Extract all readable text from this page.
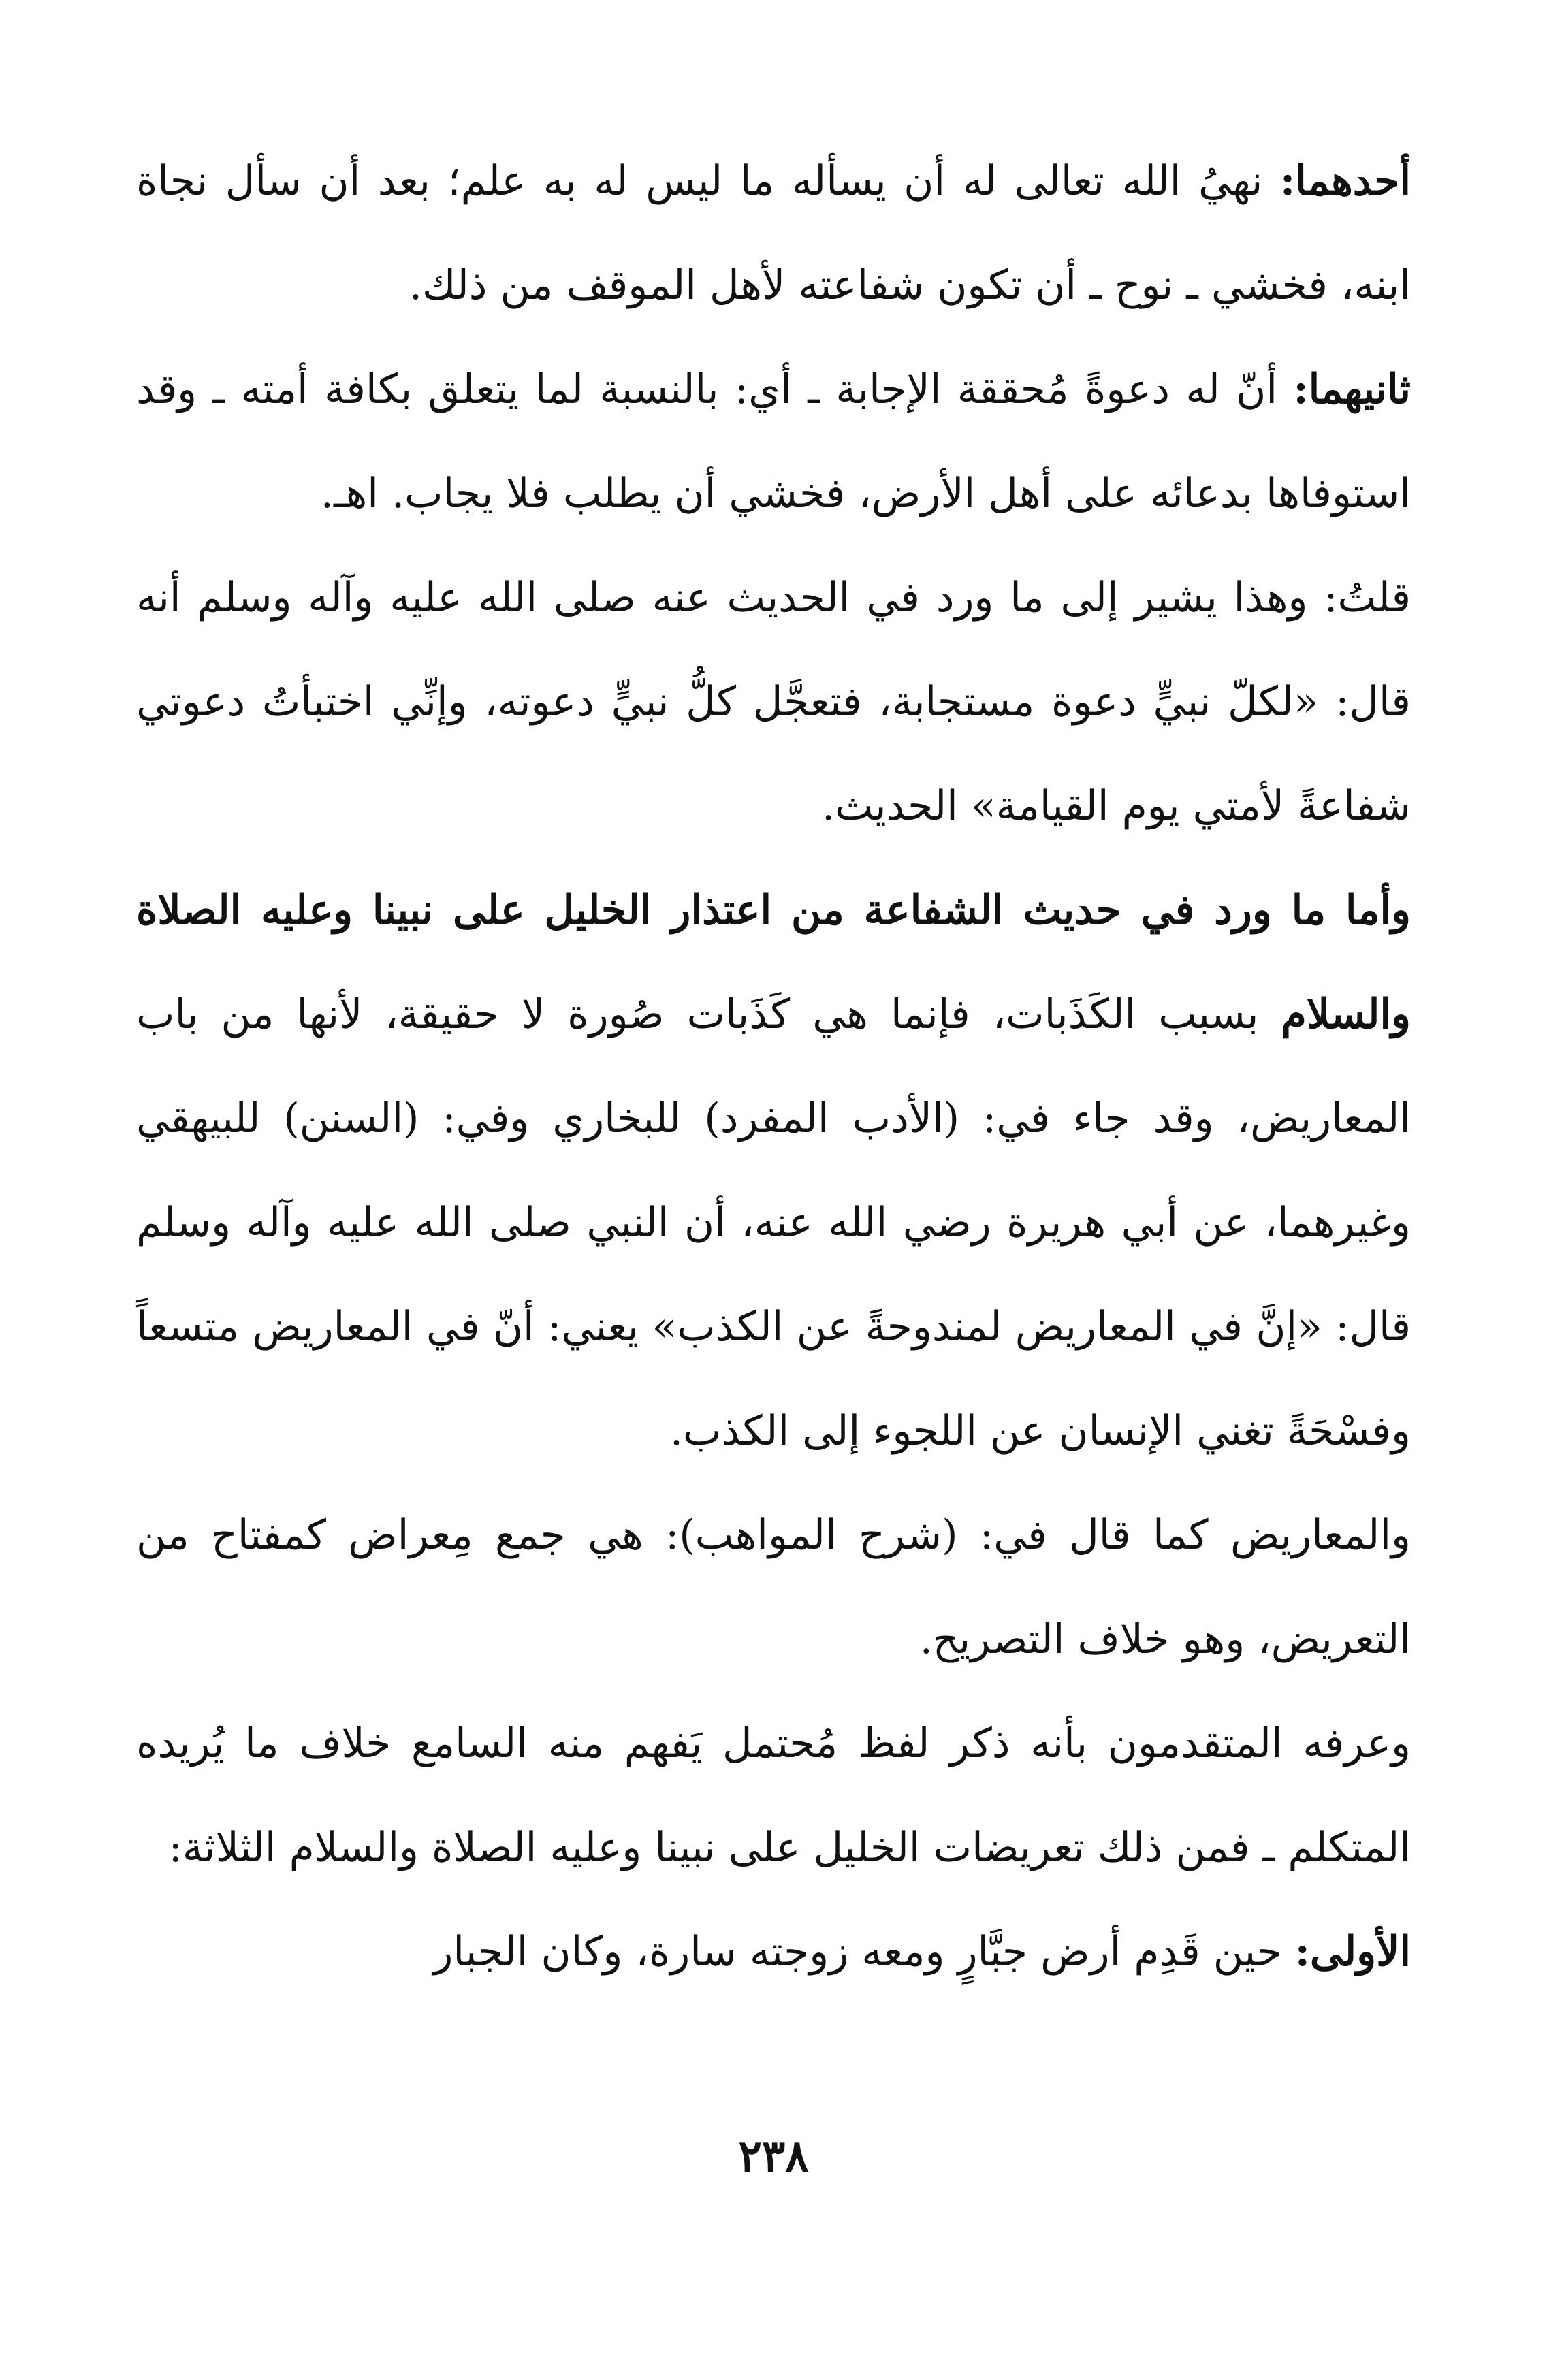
أحدهما: نهيُ الله تعالى له أن يسأله ما ليس له به علم؛ بعد أن سأل نجاة ابنه، فخشي ـ نوح ـ أن تكون شفاعته لأهل الموقف من ذلك.

ثانيهما: أنّ له دعوةً مُحققة الإجابة ـ أي: بالنسبة لما يتعلق بكافة أمته ـ وقد استوفاها بدعائه على أهل الأرض، فخشي أن يطلب فلا يجاب. اهـ.

قلتُ: وهذا يشير إلى ما ورد في الحديث عنه صلى الله عليه وآله وسلم أنه قال: «لكلّ نبيٍّ دعوة مستجابة، فتعجَّل كلُّ نبيٍّ دعوته، وإنِّي اختبأتُ دعوتي شفاعةً لأمتي يوم القيامة» الحديث.

وأما ما ورد في حديث الشفاعة من اعتذار الخليل على نبينا وعليه الصلاة والسلام بسبب الكَذَبات، فإنما هي كَذَبات صُورة لا حقيقة، لأنها من باب المعاريض، وقد جاء في: (الأدب المفرد) للبخاري وفي: (السنن) للبيهقي وغيرهما، عن أبي هريرة رضي الله عنه، أن النبي صلى الله عليه وآله وسلم قال: «إنَّ في المعاريض لمندوحةً عن الكذب» يعني: أنّ في المعاريض متسعاً وفسْحَةً تغني الإنسان عن اللجوء إلى الكذب.

والمعاريض كما قال في: (شرح المواهب): هي جمع مِعراض كمفتاح من التعريض، وهو خلاف التصريح.

وعرفه المتقدمون بأنه ذكر لفظ مُحتمل يَفهم منه السامع خلاف ما يُريده المتكلم ـ فمن ذلك تعريضات الخليل على نبينا وعليه الصلاة والسلام الثلاثة:

الأولى: حين قَدِم أرض جبَّارٍ ومعه زوجته سارة، وكان الجبار

٢٣٨
